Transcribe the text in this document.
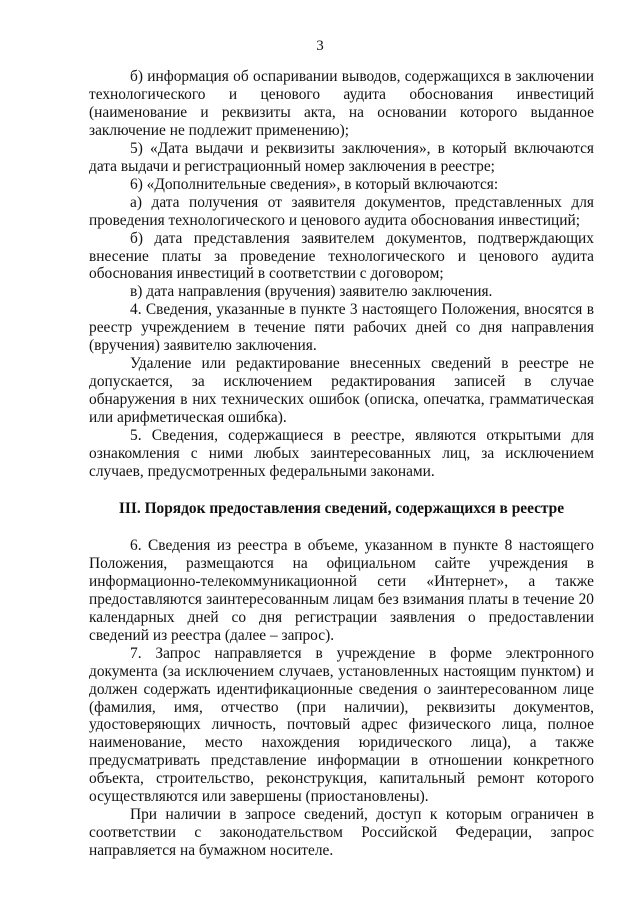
3

б) информация об оспаривании выводов, содержащихся в заключении технологического и ценового аудита обоснования инвестиций (наименование и реквизиты акта, на основании которого выданное заключение не подлежит применению);

5) «Дата выдачи и реквизиты заключения», в который включаются дата выдачи и регистрационный номер заключения в реестре;

6) «Дополнительные сведения», в который включаются:

а) дата получения от заявителя документов, представленных для проведения технологического и ценового аудита обоснования инвестиций;

б) дата представления заявителем документов, подтверждающих внесение платы за проведение технологического и ценового аудита обоснования инвестиций в соответствии с договором;

в) дата направления (вручения) заявителю заключения.

4. Сведения, указанные в пункте 3 настоящего Положения, вносятся в реестр учреждением в течение пяти рабочих дней со дня направления (вручения) заявителю заключения.

Удаление или редактирование внесенных сведений в реестре не допускается, за исключением редактирования записей в случае обнаружения в них технических ошибок (описка, опечатка, грамматическая или арифметическая ошибка).

5. Сведения, содержащиеся в реестре, являются открытыми для ознакомления с ними любых заинтересованных лиц, за исключением случаев, предусмотренных федеральными законами.

III. Порядок предоставления сведений, содержащихся в реестре

6. Сведения из реестра в объеме, указанном в пункте 8 настоящего Положения, размещаются на официальном сайте учреждения в информационно-телекоммуникационной сети «Интернет», а также предоставляются заинтересованным лицам без взимания платы в течение 20 календарных дней со дня регистрации заявления о предоставлении сведений из реестра (далее – запрос).

7. Запрос направляется в учреждение в форме электронного документа (за исключением случаев, установленных настоящим пунктом) и должен содержать идентификационные сведения о заинтересованном лице (фамилия, имя, отчество (при наличии), реквизиты документов, удостоверяющих личность, почтовый адрес физического лица, полное наименование, место нахождения юридического лица), а также предусматривать представление информации в отношении конкретного объекта, строительство, реконструкция, капитальный ремонт которого осуществляются или завершены (приостановлены).

При наличии в запросе сведений, доступ к которым ограничен в соответствии с законодательством Российской Федерации, запрос направляется на бумажном носителе.
